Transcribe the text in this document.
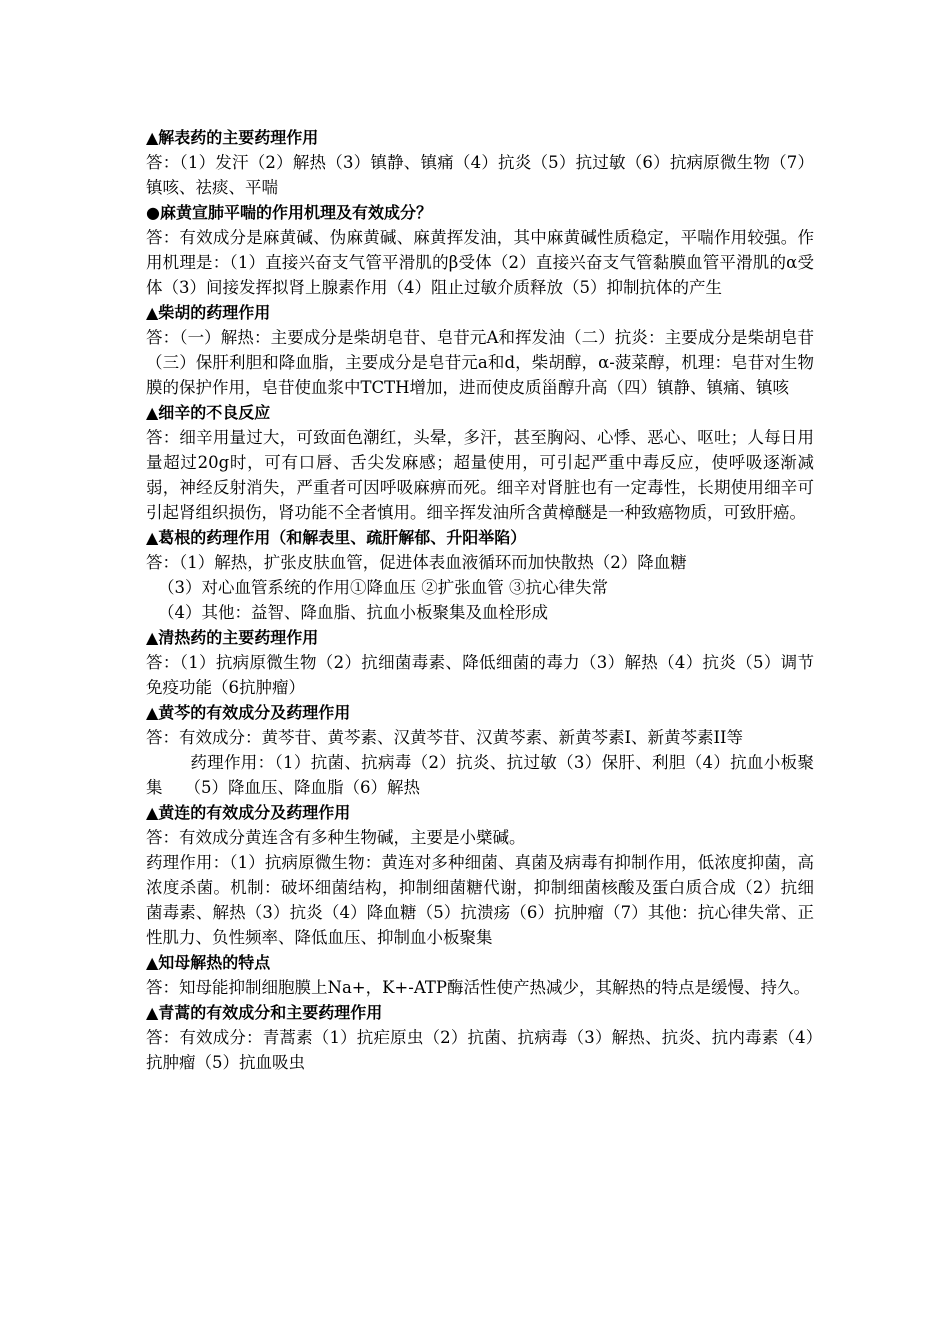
▲解表药的主要药理作用

答：（1）发汗（2）解热（3）镇静、镇痛（4）抗炎（5）抗过敏（6）抗病原微生物（7）镇咳、祛痰、平喘

●麻黄宣肺平喘的作用机理及有效成分？

答：有效成分是麻黄碱、伪麻黄碱、麻黄挥发油，其中麻黄碱性质稳定，平喘作用较强。作用机理是：（1）直接兴奋支气管平滑肌的β受体（2）直接兴奋支气管黏膜血管平滑肌的α受体（3）间接发挥拟肾上腺素作用（4）阻止过敏介质释放（5）抑制抗体的产生

▲柴胡的药理作用

答：（一）解热：主要成分是柴胡皂苷、皂苷元A和挥发油（二）抗炎：主要成分是柴胡皂苷（三）保肝利胆和降血脂，主要成分是皂苷元a和d，柴胡醇，α-菠菜醇，机理：皂苷对生物膜的保护作用，皂苷使血浆中TCTH增加，进而使皮质甾醇升高（四）镇静、镇痛、镇咳

▲细辛的不良反应

答：细辛用量过大，可致面色潮红，头晕，多汗，甚至胸闷、心悸、恶心、呕吐；人每日用量超过20g时，可有口唇、舌尖发麻感；超量使用，可引起严重中毒反应，使呼吸逐渐减弱，神经反射消失，严重者可因呼吸麻痹而死。细辛对肾脏也有一定毒性，长期使用细辛可引起肾组织损伤，肾功能不全者慎用。细辛挥发油所含黄樟醚是一种致癌物质，可致肝癌。

▲葛根的药理作用（和解表里、疏肝解郁、升阳举陷）

答：（1）解热，扩张皮肤血管，促进体表血液循环而加快散热（2）降血糖

（3）对心血管系统的作用①降血压 ②扩张血管 ③抗心律失常

（4）其他：益智、降血脂、抗血小板聚集及血栓形成

▲清热药的主要药理作用

答：（1）抗病原微生物（2）抗细菌毒素、降低细菌的毒力（3）解热（4）抗炎（5）调节免疫功能（6抗肿瘤）

▲黄芩的有效成分及药理作用

答：有效成分：黄芩苷、黄芩素、汉黄芩苷、汉黄芩素、新黄芩素I、新黄芩素II等

药理作用：（1）抗菌、抗病毒（2）抗炎、抗过敏（3）保肝、利胆（4）抗血小板聚集 （5）降血压、降血脂（6）解热

▲黄连的有效成分及药理作用

答：有效成分黄连含有多种生物碱，主要是小檗碱。

药理作用：（1）抗病原微生物：黄连对多种细菌、真菌及病毒有抑制作用，低浓度抑菌，高浓度杀菌。机制：破坏细菌结构，抑制细菌糖代谢，抑制细菌核酸及蛋白质合成（2）抗细菌毒素、解热（3）抗炎（4）降血糖（5）抗溃疡（6）抗肿瘤（7）其他：抗心律失常、正性肌力、负性频率、降低血压、抑制血小板聚集

▲知母解热的特点

答：知母能抑制细胞膜上Na+，K+-ATP酶活性使产热减少，其解热的特点是缓慢、持久。

▲青蒿的有效成分和主要药理作用

答：有效成分：青蒿素（1）抗疟原虫（2）抗菌、抗病毒（3）解热、抗炎、抗内毒素（4）抗肿瘤（5）抗血吸虫
